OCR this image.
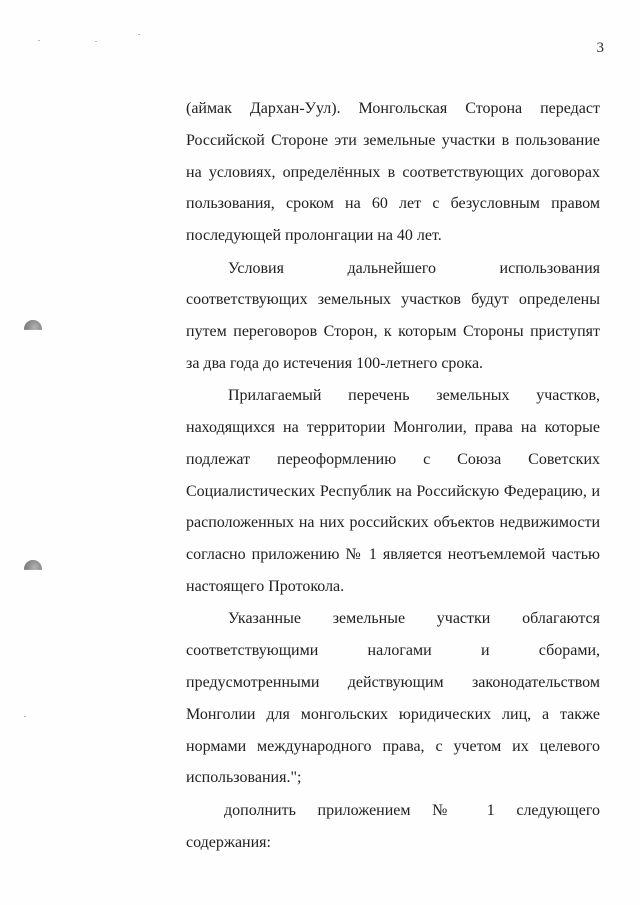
3

(аймак Дархан-Уул). Монгольская Сторона передаст Российской Стороне эти земельные участки в пользование на условиях, определённых в соответствующих договорах пользования, сроком на 60 лет с безусловным правом последующей пролонгации на 40 лет.

Условия дальнейшего использования соответствующих земельных участков будут определены путем переговоров Сторон, к которым Стороны приступят за два года до истечения 100-летнего срока.

Прилагаемый перечень земельных участков, находящихся на территории Монголии, права на которые подлежат переоформлению с Союза Советских Социалистических Республик на Российскую Федерацию, и расположенных на них российских объектов недвижимости согласно приложению № 1 является неотъемлемой частью настоящего Протокола.

Указанные земельные участки облагаются соответствующими налогами и сборами, предусмотренными действующим законодательством Монголии для монгольских юридических лиц, а также нормами международного права, с учетом их целевого использования.";

дополнить приложением № 1 следующего содержания:
